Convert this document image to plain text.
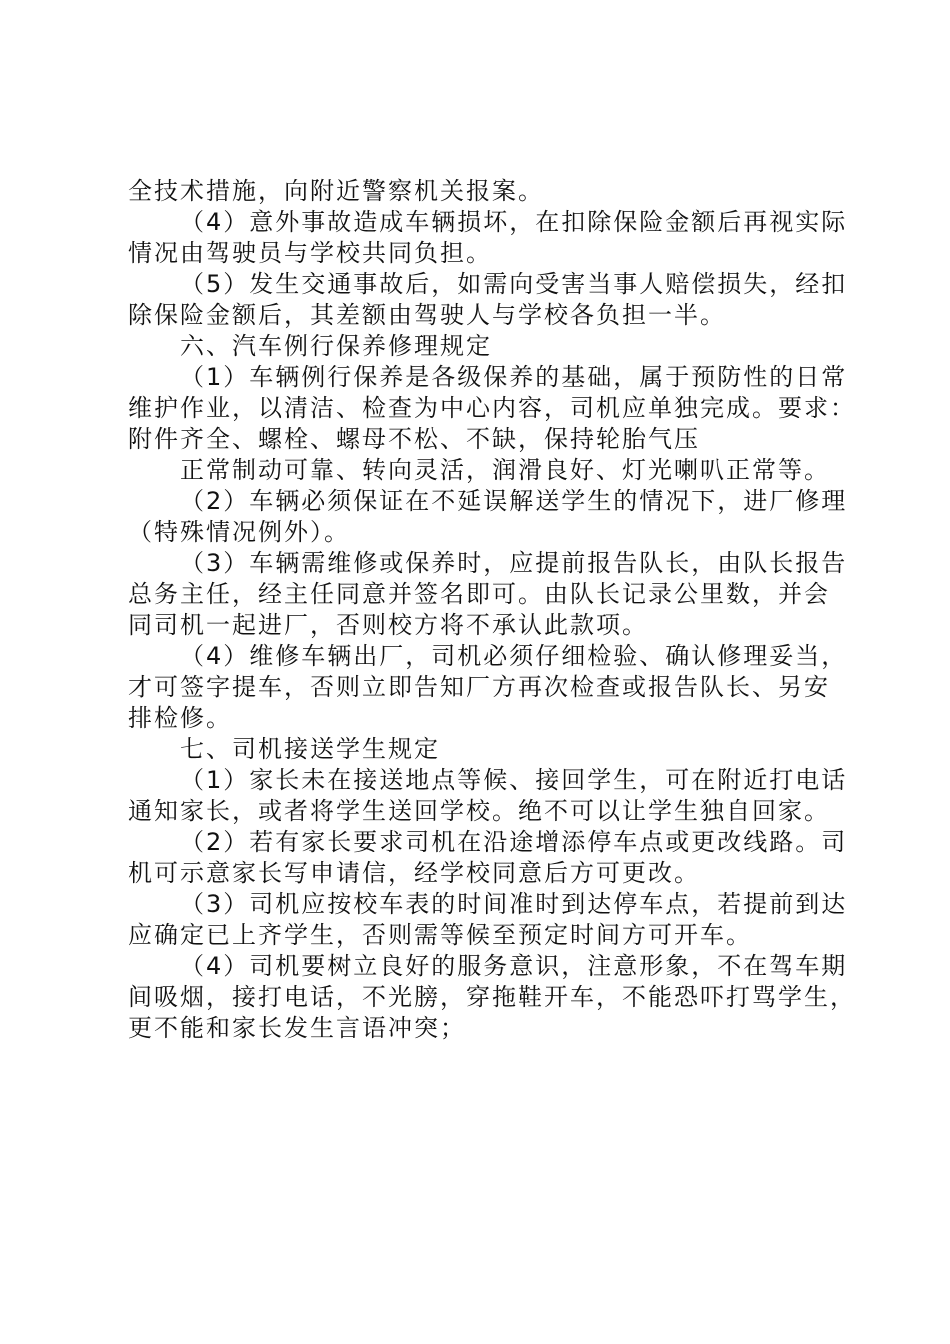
全技术措施，向附近警察机关报案。
（4）意外事故造成车辆损坏，在扣除保险金额后再视实际
情况由驾驶员与学校共同负担。
（5）发生交通事故后，如需向受害当事人赔偿损失，经扣
除保险金额后，其差额由驾驶人与学校各负担一半。
六、汽车例行保养修理规定
（1）车辆例行保养是各级保养的基础，属于预防性的日常
维护作业，以清洁、检查为中心内容，司机应单独完成。要求：
附件齐全、螺栓、螺母不松、不缺，保持轮胎气压
正常制动可靠、转向灵活，润滑良好、灯光喇叭正常等。
（2）车辆必须保证在不延误解送学生的情况下，进厂修理
（特殊情况例外）。
（3）车辆需维修或保养时，应提前报告队长，由队长报告
总务主任，经主任同意并签名即可。由队长记录公里数，并会
同司机一起进厂，否则校方将不承认此款项。
（4）维修车辆出厂，司机必须仔细检验、确认修理妥当，
才可签字提车，否则立即告知厂方再次检查或报告队长、另安
排检修。
七、司机接送学生规定
（1）家长未在接送地点等候、接回学生，可在附近打电话
通知家长，或者将学生送回学校。绝不可以让学生独自回家。
（2）若有家长要求司机在沿途增添停车点或更改线路。司
机可示意家长写申请信，经学校同意后方可更改。
（3）司机应按校车表的时间准时到达停车点，若提前到达
应确定已上齐学生，否则需等候至预定时间方可开车。
（4）司机要树立良好的服务意识，注意形象，不在驾车期
间吸烟，接打电话，不光膀，穿拖鞋开车，不能恐吓打骂学生，
更不能和家长发生言语冲突；
